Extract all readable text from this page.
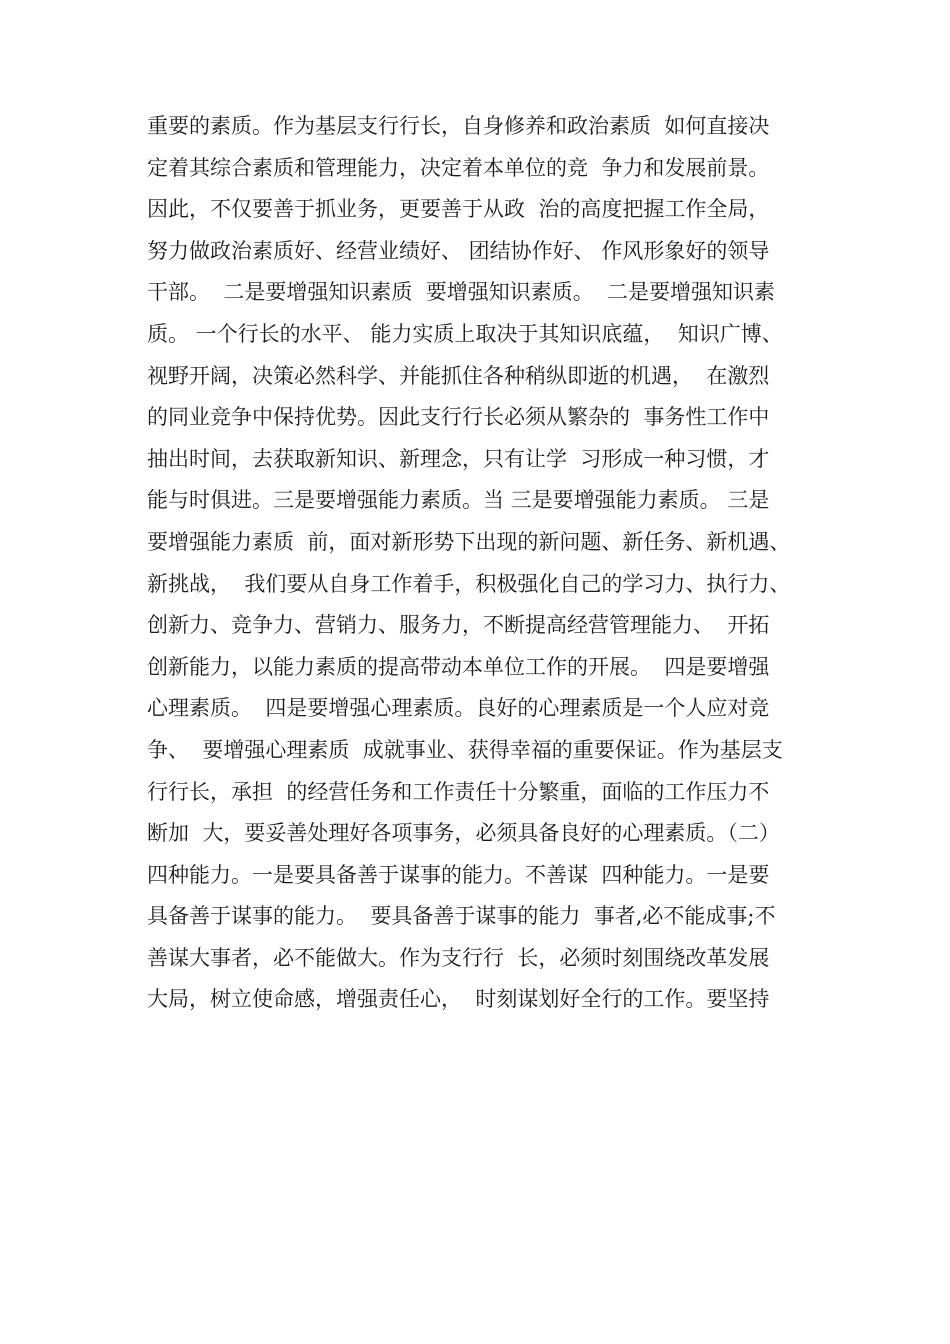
重要的素质。作为基层支行行长，自身修养和政治素质  如何直接决
定着其综合素质和管理能力，决定着本单位的竞  争力和发展前景。
因此，不仅要善于抓业务，更要善于从政  治的高度把握工作全局，
努力做政治素质好、经营业绩好、 团结协作好、 作风形象好的领导
干部。  二是要增强知识素质  要增强知识素质。  二是要增强知识素
质。 一个行长的水平、 能力实质上取决于其知识底蕴，  知识广博、
视野开阔，决策必然科学、并能抓住各种稍纵即逝的机遇，  在激烈
的同业竞争中保持优势。因此支行行长必须从繁杂的  事务性工作中
抽出时间，去获取新知识、新理念，只有让学  习形成一种习惯，才
能与时俱进。三是要增强能力素质。当 三是要增强能力素质。 三是
要增强能力素质  前，面对新形势下出现的新问题、新任务、新机遇、
新挑战，  我们要从自身工作着手，积极强化自己的学习力、执行力、
创新力、竞争力、营销力、服务力，不断提高经营管理能力、  开拓
创新能力，以能力素质的提高带动本单位工作的开展。  四是要增强
心理素质。  四是要增强心理素质。良好的心理素质是一个人应对竞
争、  要增强心理素质  成就事业、获得幸福的重要保证。作为基层支
行行长，承担  的经营任务和工作责任十分繁重，面临的工作压力不
断加  大，要妥善处理好各项事务，必须具备良好的心理素质。（二）
四种能力。一是要具备善于谋事的能力。不善谋  四种能力。一是要
具备善于谋事的能力。  要具备善于谋事的能力  事者,必不能成事;不
善谋大事者，必不能做大。作为支行行  长，必须时刻围绕改革发展
大局，树立使命感，增强责任心，  时刻谋划好全行的工作。要坚持
